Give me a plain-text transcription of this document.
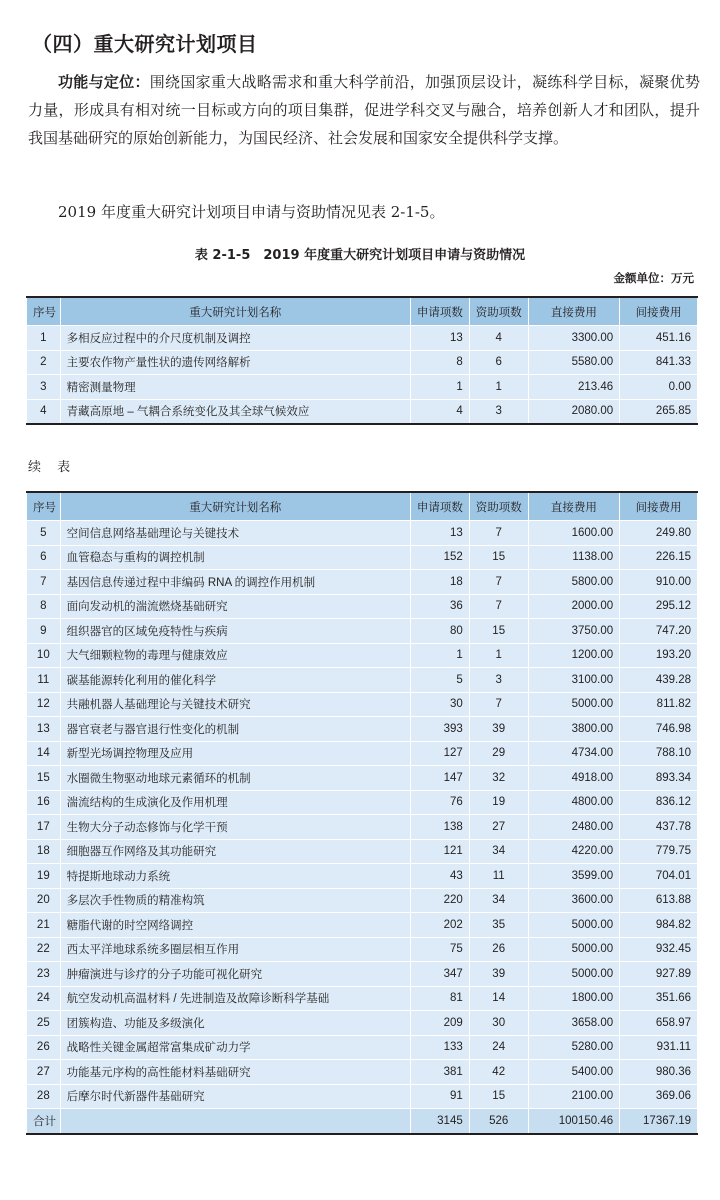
（四）重大研究计划项目
功能与定位：围绕国家重大战略需求和重大科学前沿，加强顶层设计，凝练科学目标，凝聚优势力量，形成具有相对统一目标或方向的项目集群，促进学科交叉与融合，培养创新人才和团队，提升我国基础研究的原始创新能力，为国民经济、社会发展和国家安全提供科学支撑。
2019 年度重大研究计划项目申请与资助情况见表 2-1-5。
表 2-1-5　2019 年度重大研究计划项目申请与资助情况
金额单位：万元
序号	重大研究计划名称	申请项数	资助项数	直接费用	间接费用
1	多相反应过程中的介尺度机制及调控	13	4	3300.00	451.16
2	主要农作物产量性状的遗传网络解析	8	6	5580.00	841.33
3	精密测量物理	1	1	213.46	0.00
4	青藏高原地 – 气耦合系统变化及其全球气候效应	4	3	2080.00	265.85
续 表
序号	重大研究计划名称	申请项数	资助项数	直接费用	间接费用
5	空间信息网络基础理论与关键技术	13	7	1600.00	249.80
6	血管稳态与重构的调控机制	152	15	1138.00	226.15
7	基因信息传递过程中非编码 RNA 的调控作用机制	18	7	5800.00	910.00
8	面向发动机的湍流燃烧基础研究	36	7	2000.00	295.12
9	组织器官的区域免疫特性与疾病	80	15	3750.00	747.20
10	大气细颗粒物的毒理与健康效应	1	1	1200.00	193.20
11	碳基能源转化利用的催化科学	5	3	3100.00	439.28
12	共融机器人基础理论与关键技术研究	30	7	5000.00	811.82
13	器官衰老与器官退行性变化的机制	393	39	3800.00	746.98
14	新型光场调控物理及应用	127	29	4734.00	788.10
15	水圈微生物驱动地球元素循环的机制	147	32	4918.00	893.34
16	湍流结构的生成演化及作用机理	76	19	4800.00	836.12
17	生物大分子动态修饰与化学干预	138	27	2480.00	437.78
18	细胞器互作网络及其功能研究	121	34	4220.00	779.75
19	特提斯地球动力系统	43	11	3599.00	704.01
20	多层次手性物质的精准构筑	220	34	3600.00	613.88
21	糖脂代谢的时空网络调控	202	35	5000.00	984.82
22	西太平洋地球系统多圈层相互作用	75	26	5000.00	932.45
23	肿瘤演进与诊疗的分子功能可视化研究	347	39	5000.00	927.89
24	航空发动机高温材料 / 先进制造及故障诊断科学基础	81	14	1800.00	351.66
25	团簇构造、功能及多级演化	209	30	3658.00	658.97
26	战略性关键金属超常富集成矿动力学	133	24	5280.00	931.11
27	功能基元序构的高性能材料基础研究	381	42	5400.00	980.36
28	后摩尔时代新器件基础研究	91	15	2100.00	369.06
合计		3145	526	100150.46	17367.19
